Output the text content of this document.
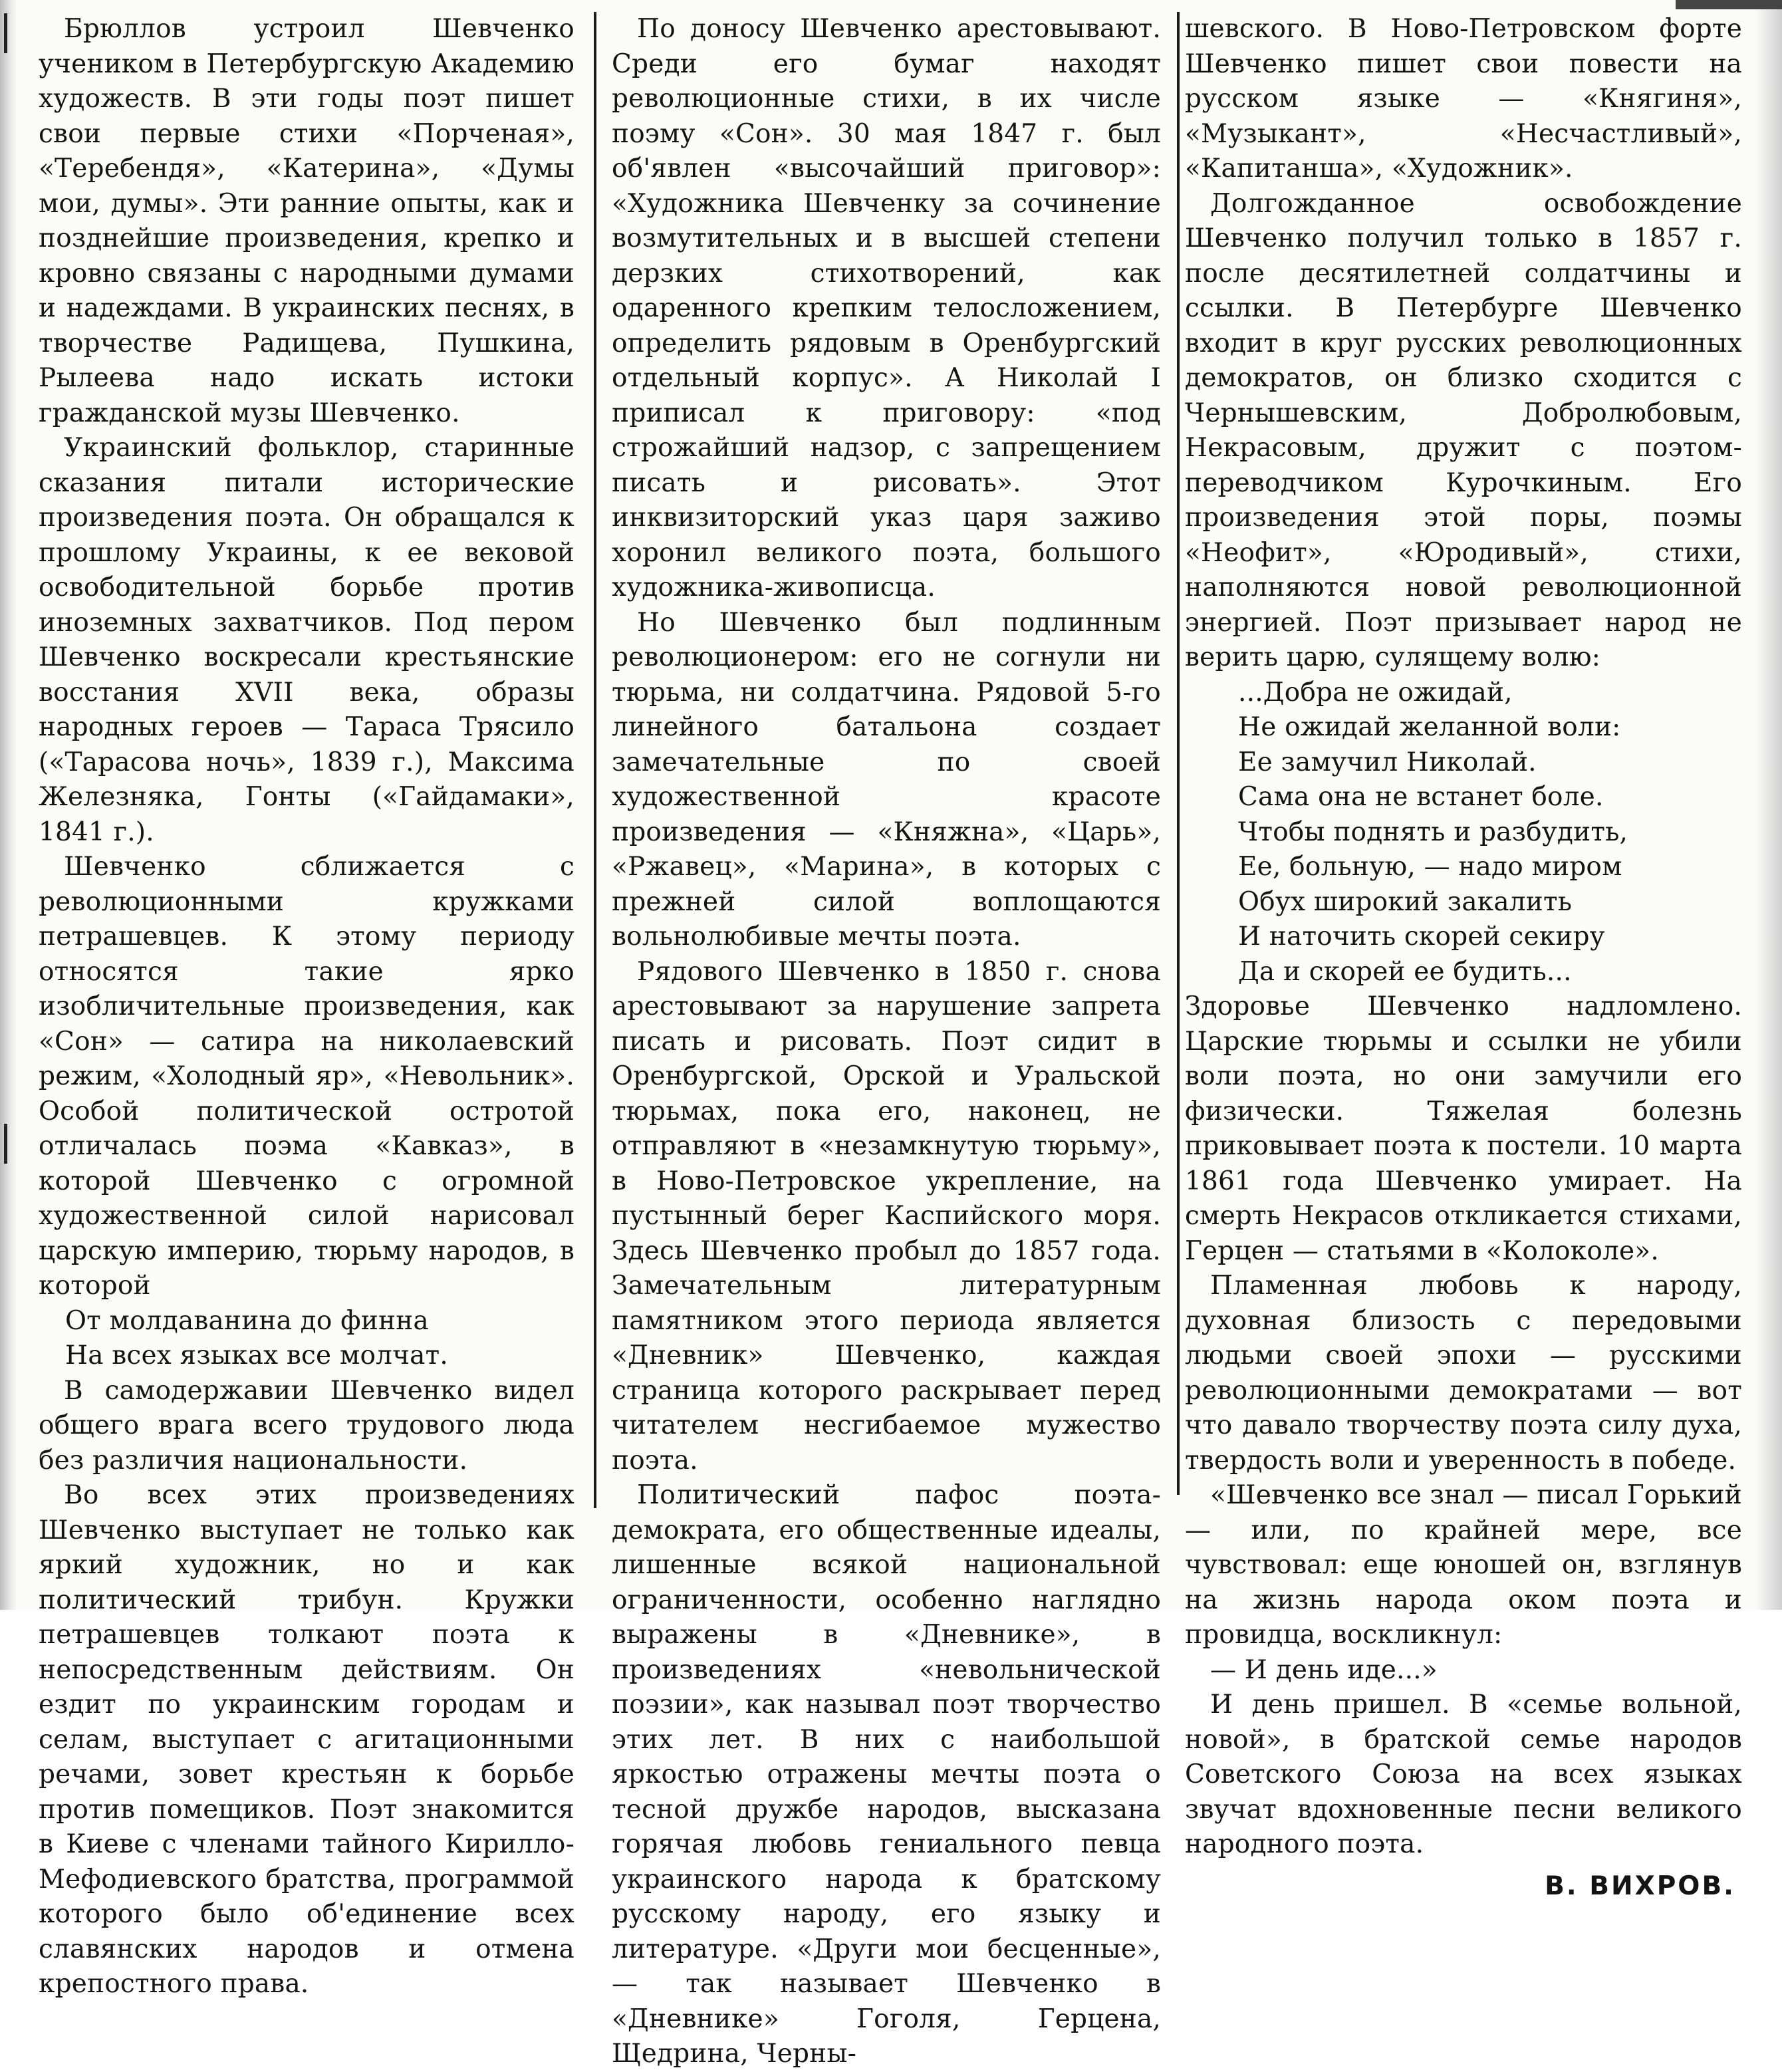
Брюллов устроил Шевченко учеником в Петербургскую Академию художеств. В эти годы поэт пишет свои первые стихи «Порченая», «Теребендя», «Катерина», «Думы мои, думы». Эти ранние опыты, как и позднейшие произведения, крепко и кровно связаны с народными думами и надеждами. В украинских песнях, в творчестве Радищева, Пушкина, Рылеева надо искать истоки гражданской музы Шевченко.

Украинский фольклор, старинные сказания питали исторические произведения поэта. Он обращался к прошлому Украины, к ее вековой освободительной борьбе против иноземных захватчиков. Под пером Шевченко воскресали крестьянские восстания XVII века, образы народных героев — Тараса Трясило («Тарасова ночь», 1839 г.), Максима Железняка, Гонты («Гайдамаки», 1841 г.).

Шевченко сближается с революционными кружками петрашевцев. К этому периоду относятся такие ярко изобличительные произведения, как «Сон» — сатира на николаевский режим, «Холодный яр», «Невольник». Особой политической остротой отличалась поэма «Кавказ», в которой Шевченко с огромной художественной силой нарисовал царскую империю, тюрьму народов, в которой

От молдаванина до финна
На всех языках все молчат.

В самодержавии Шевченко видел общего врага всего трудового люда без различия национальности.

Во всех этих произведениях Шевченко выступает не только как яркий художник, но и как политический трибун. Кружки петрашевцев толкают поэта к непосредственным действиям. Он ездит по украинским городам и селам, выступает с агитационными речами, зовет крестьян к борьбе против помещиков. Поэт знакомится в Киеве с членами тайного Кирилло-Мефодиевского братства, программой которого было об'единение всех славянских народов и отмена крепостного права.

По доносу Шевченко арестовывают. Среди его бумаг находят революционные стихи, в их числе поэму «Сон». 30 мая 1847 г. был об'явлен «высочайший приговор»: «Художника Шевченку за сочинение возмутительных и в высшей степени дерзких стихотворений, как одаренного крепким телосложением, определить рядовым в Оренбургский отдельный корпус». А Николай I приписал к приговору: «под строжайший надзор, с запрещением писать и рисовать». Этот инквизиторский указ царя заживо хоронил великого поэта, большого художника-живописца.

Но Шевченко был подлинным революционером: его не согнули ни тюрьма, ни солдатчина. Рядовой 5-го линейного батальона создает замечательные по своей художественной красоте произведения — «Княжна», «Царь», «Ржавец», «Марина», в которых с прежней силой воплощаются вольнолюбивые мечты поэта.

Рядового Шевченко в 1850 г. снова арестовывают за нарушение запрета писать и рисовать. Поэт сидит в Оренбургской, Орской и Уральской тюрьмах, пока его, наконец, не отправляют в «незамкнутую тюрьму», в Ново-Петровское укрепление, на пустынный берег Каспийского моря. Здесь Шевченко пробыл до 1857 года. Замечательным литературным памятником этого периода является «Дневник» Шевченко, каждая страница которого раскрывает перед читателем несгибаемое мужество поэта.

Политический пафос поэта-демократа, его общественные идеалы, лишенные всякой национальной ограниченности, особенно наглядно выражены в «Дневнике», в произведениях «невольнической поэзии», как называл поэт творчество этих лет. В них с наибольшой яркостью отражены мечты поэта о тесной дружбе народов, высказана горячая любовь гениального певца украинского народа к братскому русскому народу, его языку и литературе. «Други мои бесценные», — так называет Шевченко в «Дневнике» Гоголя, Герцена, Щедрина, Черны-

шевского. В Ново-Петровском форте Шевченко пишет свои повести на русском языке — «Княгиня», «Музыкант», «Несчастливый», «Капитанша», «Художник».

Долгожданное освобождение Шевченко получил только в 1857 г. после десятилетней солдатчины и ссылки. В Петербурге Шевченко входит в круг русских революционных демократов, он близко сходится с Чернышевским, Добролюбовым, Некрасовым, дружит с поэтом-переводчиком Курочкиным. Его произведения этой поры, поэмы «Неофит», «Юродивый», стихи, наполняются новой революционной энергией. Поэт призывает народ не верить царю, сулящему волю:

...Добра не ожидай,
Не ожидай желанной воли:
Ее замучил Николай.
Сама она не встанет боле.
Чтобы поднять и разбудить,
Ее, больную, — надо миром
Обух широкий закалить
И наточить скорей секиру
Да и скорей ее будить...

Здоровье Шевченко надломлено. Царские тюрьмы и ссылки не убили воли поэта, но они замучили его физически. Тяжелая болезнь приковывает поэта к постели. 10 марта 1861 года Шевченко умирает. На смерть Некрасов откликается стихами, Герцен — статьями в «Колоколе».

Пламенная любовь к народу, духовная близость с передовыми людьми своей эпохи — русскими революционными демократами — вот что давало творчеству поэта силу духа, твердость воли и уверенность в победе.

«Шевченко все знал — писал Горький — или, по крайней мере, все чувствовал: еще юношей он, взглянув на жизнь народа оком поэта и провидца, воскликнул:

— И день иде...»

И день пришел. В «семье вольной, новой», в братской семье народов Советского Союза на всех языках звучат вдохновенные песни великого народного поэта.

В. ВИХРОВ.
